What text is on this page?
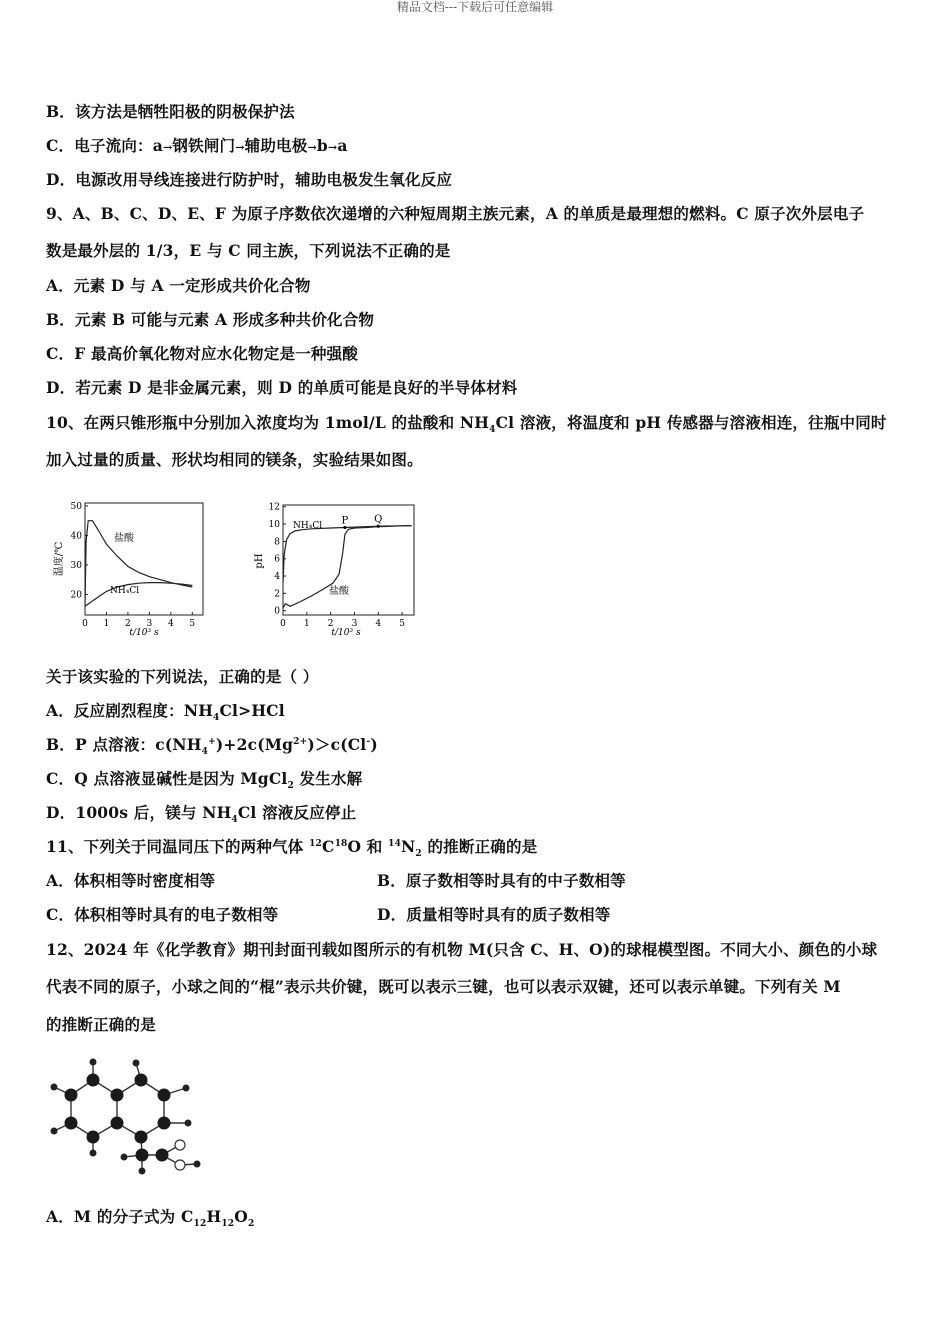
精品文档---下载后可任意编辑
B．该方法是牺牲阳极的阴极保护法
C．电子流向：a→钢铁闸门→辅助电极→b→a
D．电源改用导线连接进行防护时，辅助电极发生氧化反应
9、A、B、C、D、E、F 为原子序数依次递增的六种短周期主族元素，A 的单质是最理想的燃料。C 原子次外层电子
数是最外层的 1/3，E 与 C 同主族，下列说法不正确的是
A．元素 D 与 A 一定形成共价化合物
B．元素 B 可能与元素 A 形成多种共价化合物
C．F 最高价氧化物对应水化物定是一种强酸
D．若元素 D 是非金属元素，则 D 的单质可能是良好的半导体材料
10、在两只锥形瓶中分别加入浓度均为 1mol/L 的盐酸和 $NH_4Cl$ 溶液，将温度和 pH 传感器与溶液相连，往瓶中同时
加入过量的质量、形状均相同的镁条，实验结果如图。
温度/℃
t/10³ s
0 1 2 3 4 5
20
30
40
50
盐酸
NH₄Cl
pH
t/10³ s
0 1 2 3 4 5
0
2
4
6
8
10
12
P	Q
NH₄Cl
盐酸
关于该实验的下列说法，正确的是（ ）
A．反应剧烈程度：$NH_4Cl>HCl$
B．P 点溶液：$c(NH_4^+)+2c(Mg^{2+})>c(Cl^-)$
C．Q 点溶液显碱性是因为 MgCl$_2$ 发生水解
D．1000s 后，镁与 $NH_4Cl$ 溶液反应停止
11、下列关于同温同压下的两种气体 $^{12}C^{18}O$ 和 $^{14}N_2$ 的推断正确的是
A．体积相等时密度相等	B．原子数相等时具有的中子数相等
C．体积相等时具有的电子数相等	D．质量相等时具有的质子数相等
12、2024 年《化学教育》期刊封面刊载如图所示的有机物 M(只含 C、H、O)的球棍模型图。不同大小、颜色的小球
代表不同的原子，小球之间的“棍”表示共价键，既可以表示三键，也可以表示双键，还可以表示单键。下列有关 M
的推断正确的是
A．M 的分子式为 $C_{12}H_{12}O_2$
